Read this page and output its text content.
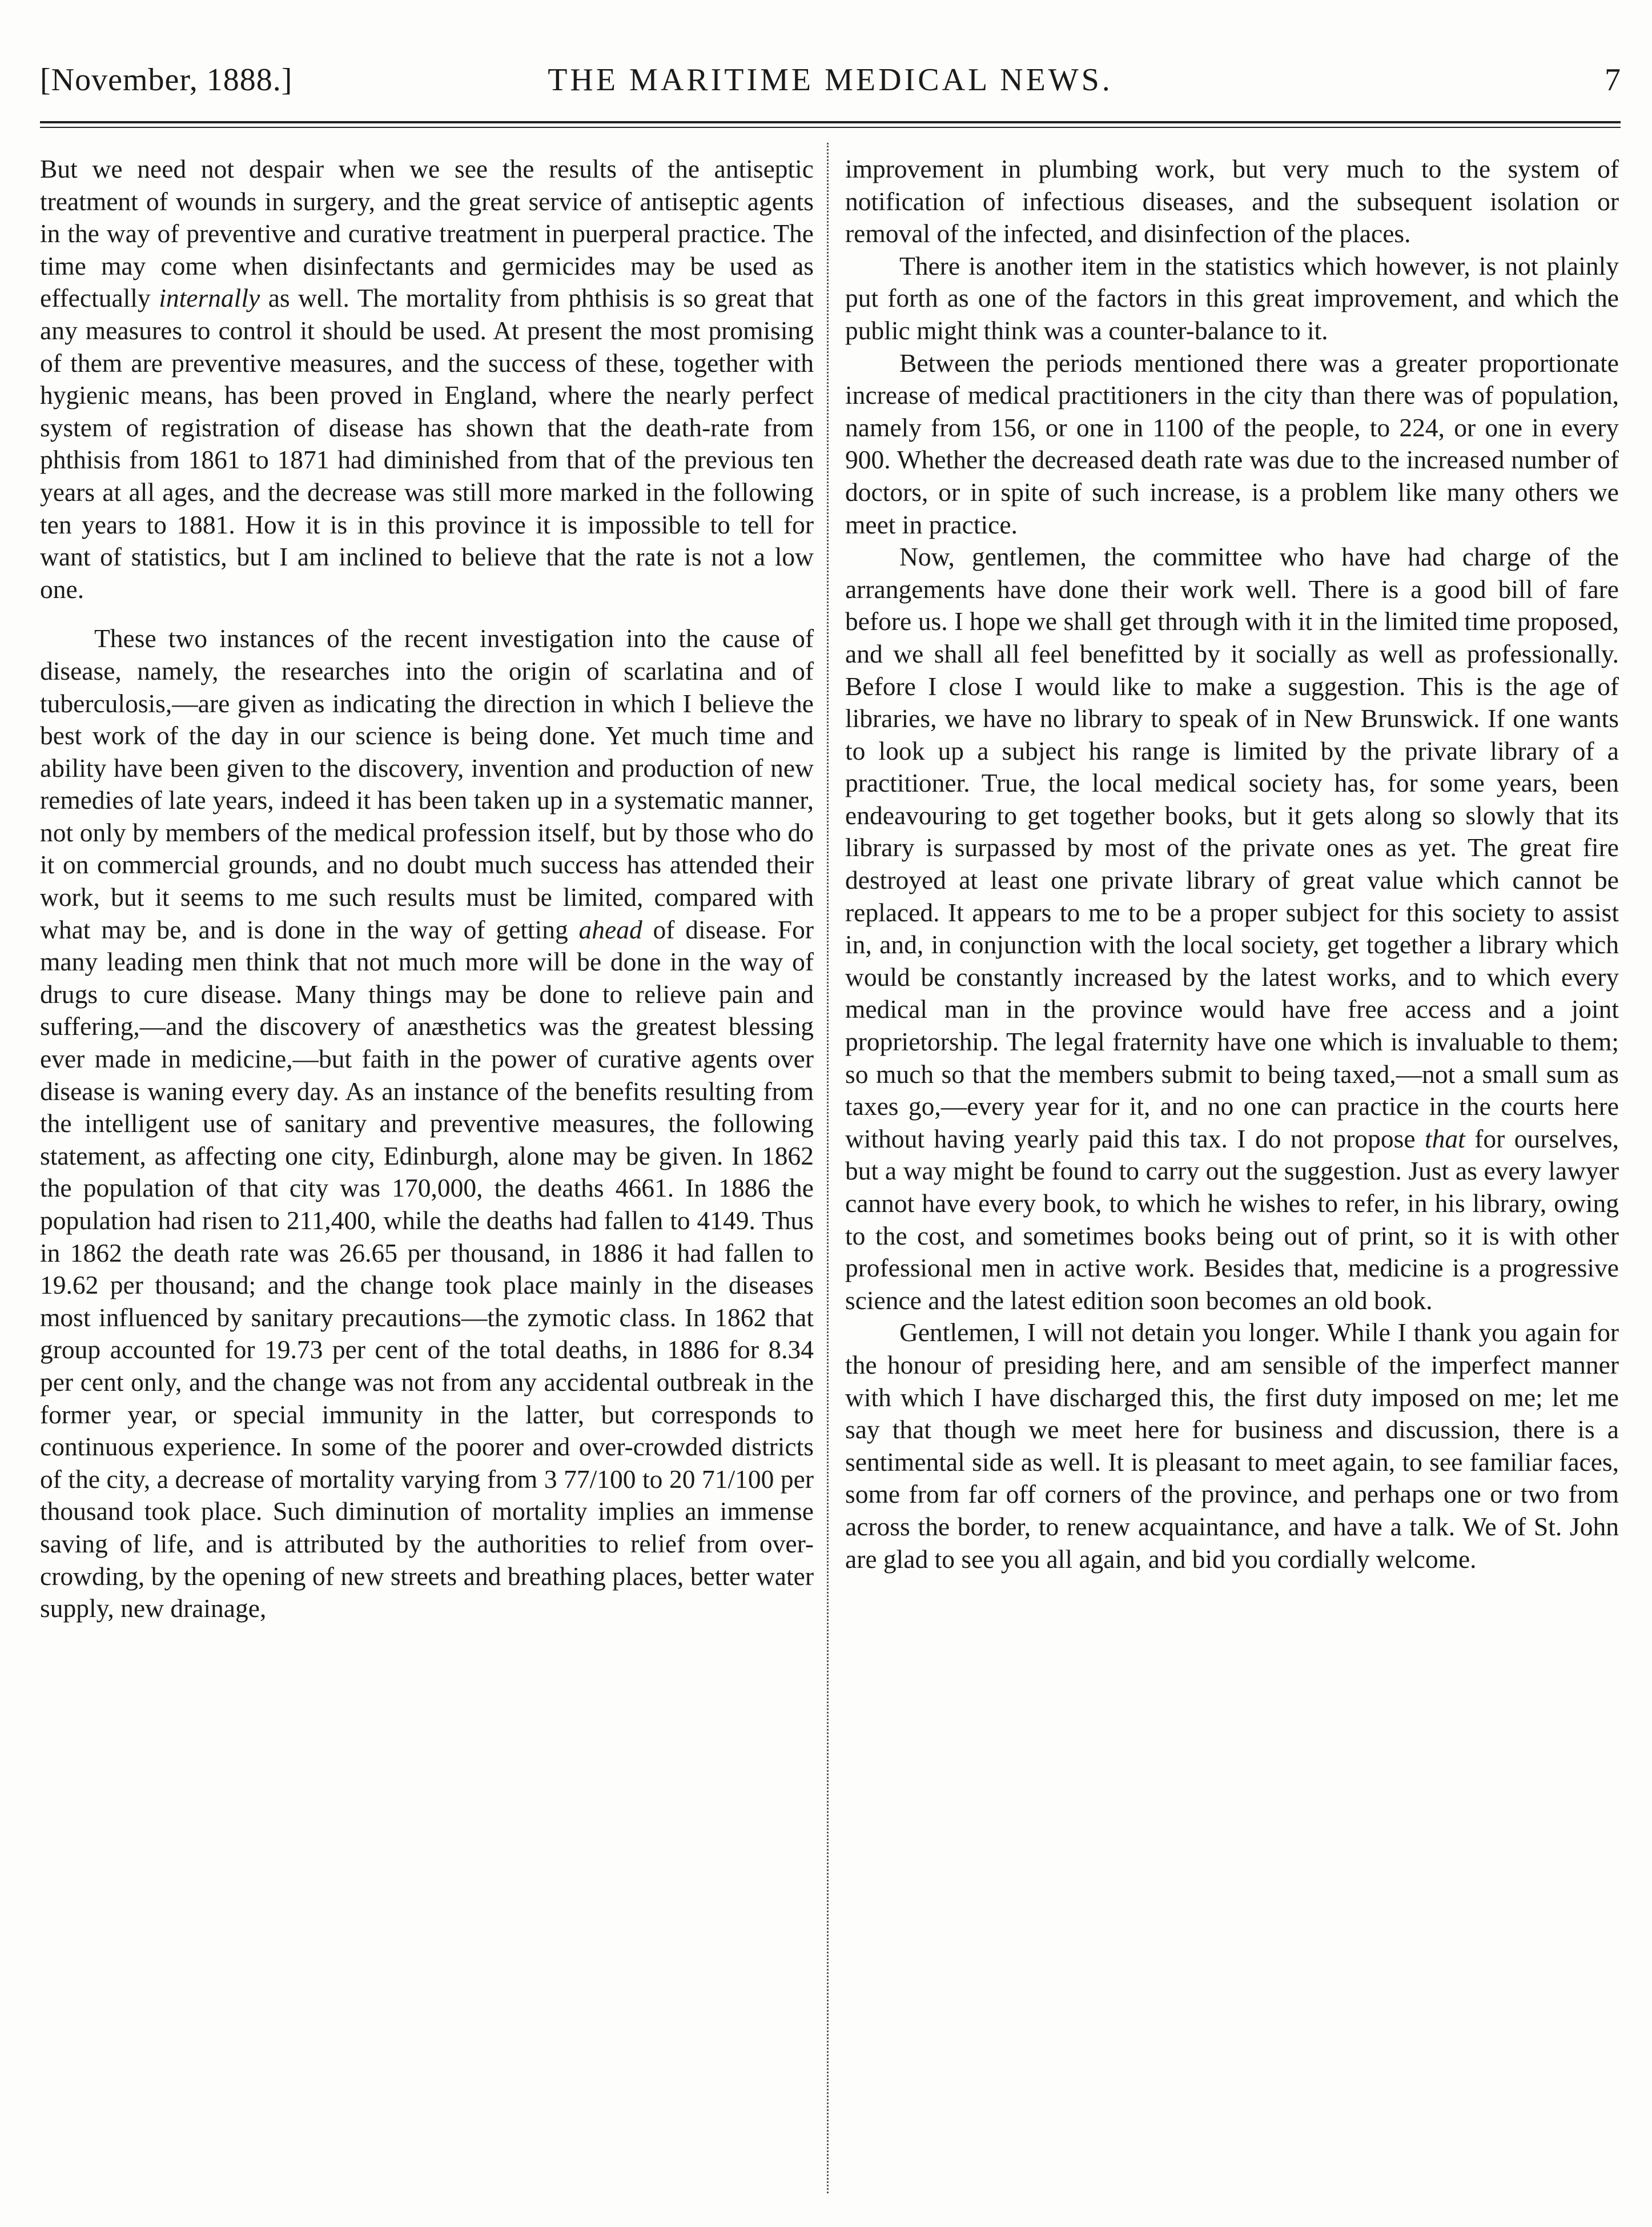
[November, 1888.]	THE MARITIME MEDICAL NEWS.	7

But we need not despair when we see the results of the antiseptic treatment of wounds in surgery, and the great service of antiseptic agents in the way of preventive and curative treatment in puerperal practice. The time may come when disinfectants and germicides may be used as effectually internally as well. The mortality from phthisis is so great that any measures to control it should be used. At present the most promising of them are preventive measures, and the success of these, together with hygienic means, has been proved in England, where the nearly perfect system of registration of disease has shown that the death-rate from phthisis from 1861 to 1871 had diminished from that of the previous ten years at all ages, and the decrease was still more marked in the following ten years to 1881. How it is in this province it is impossible to tell for want of statistics, but I am inclined to believe that the rate is not a low one.

These two instances of the recent investigation into the cause of disease, namely, the researches into the origin of scarlatina and of tuberculosis,—are given as indicating the direction in which I believe the best work of the day in our science is being done. Yet much time and ability have been given to the discovery, invention and production of new remedies of late years, indeed it has been taken up in a systematic manner, not only by members of the medical profession itself, but by those who do it on commercial grounds, and no doubt much success has attended their work, but it seems to me such results must be limited, compared with what may be, and is done in the way of getting ahead of disease. For many leading men think that not much more will be done in the way of drugs to cure disease. Many things may be done to relieve pain and suffering,—and the discovery of anæsthetics was the greatest blessing ever made in medicine,—but faith in the power of curative agents over disease is waning every day. As an instance of the benefits resulting from the intelligent use of sanitary and preventive measures, the following statement, as affecting one city, Edinburgh, alone may be given. In 1862 the population of that city was 170,000, the deaths 4661. In 1886 the population had risen to 211,400, while the deaths had fallen to 4149. Thus in 1862 the death rate was 26.65 per thousand, in 1886 it had fallen to 19.62 per thousand; and the change took place mainly in the diseases most influenced by sanitary precautions—the zymotic class. In 1862 that group accounted for 19.73 per cent of the total deaths, in 1886 for 8.34 per cent only, and the change was not from any accidental outbreak in the former year, or special immunity in the latter, but corresponds to continuous experience. In some of the poorer and over-crowded districts of the city, a decrease of mortality varying from 3 77/100 to 20 71/100 per thousand took place. Such diminution of mortality implies an immense saving of life, and is attributed by the authorities to relief from over-crowding, by the opening of new streets and breathing places, better water supply, new drainage,

improvement in plumbing work, but very much to the system of notification of infectious diseases, and the subsequent isolation or removal of the infected, and disinfection of the places.

There is another item in the statistics which however, is not plainly put forth as one of the factors in this great improvement, and which the public might think was a counter-balance to it.

Between the periods mentioned there was a greater proportionate increase of medical practitioners in the city than there was of population, namely from 156, or one in 1100 of the people, to 224, or one in every 900. Whether the decreased death rate was due to the increased number of doctors, or in spite of such increase, is a problem like many others we meet in practice.

Now, gentlemen, the committee who have had charge of the arrangements have done their work well. There is a good bill of fare before us. I hope we shall get through with it in the limited time proposed, and we shall all feel benefitted by it socially as well as professionally. Before I close I would like to make a suggestion. This is the age of libraries, we have no library to speak of in New Brunswick. If one wants to look up a subject his range is limited by the private library of a practitioner. True, the local medical society has, for some years, been endeavouring to get together books, but it gets along so slowly that its library is surpassed by most of the private ones as yet. The great fire destroyed at least one private library of great value which cannot be replaced. It appears to me to be a proper subject for this society to assist in, and, in conjunction with the local society, get together a library which would be constantly increased by the latest works, and to which every medical man in the province would have free access and a joint proprietorship. The legal fraternity have one which is invaluable to them; so much so that the members submit to being taxed,—not a small sum as taxes go,—every year for it, and no one can practice in the courts here without having yearly paid this tax. I do not propose that for ourselves, but a way might be found to carry out the suggestion. Just as every lawyer cannot have every book, to which he wishes to refer, in his library, owing to the cost, and sometimes books being out of print, so it is with other professional men in active work. Besides that, medicine is a progressive science and the latest edition soon becomes an old book.

Gentlemen, I will not detain you longer. While I thank you again for the honour of presiding here, and am sensible of the imperfect manner with which I have discharged this, the first duty imposed on me; let me say that though we meet here for business and discussion, there is a sentimental side as well. It is pleasant to meet again, to see familiar faces, some from far off corners of the province, and perhaps one or two from across the border, to renew acquaintance, and have a talk. We of St. John are glad to see you all again, and bid you cordially welcome.
